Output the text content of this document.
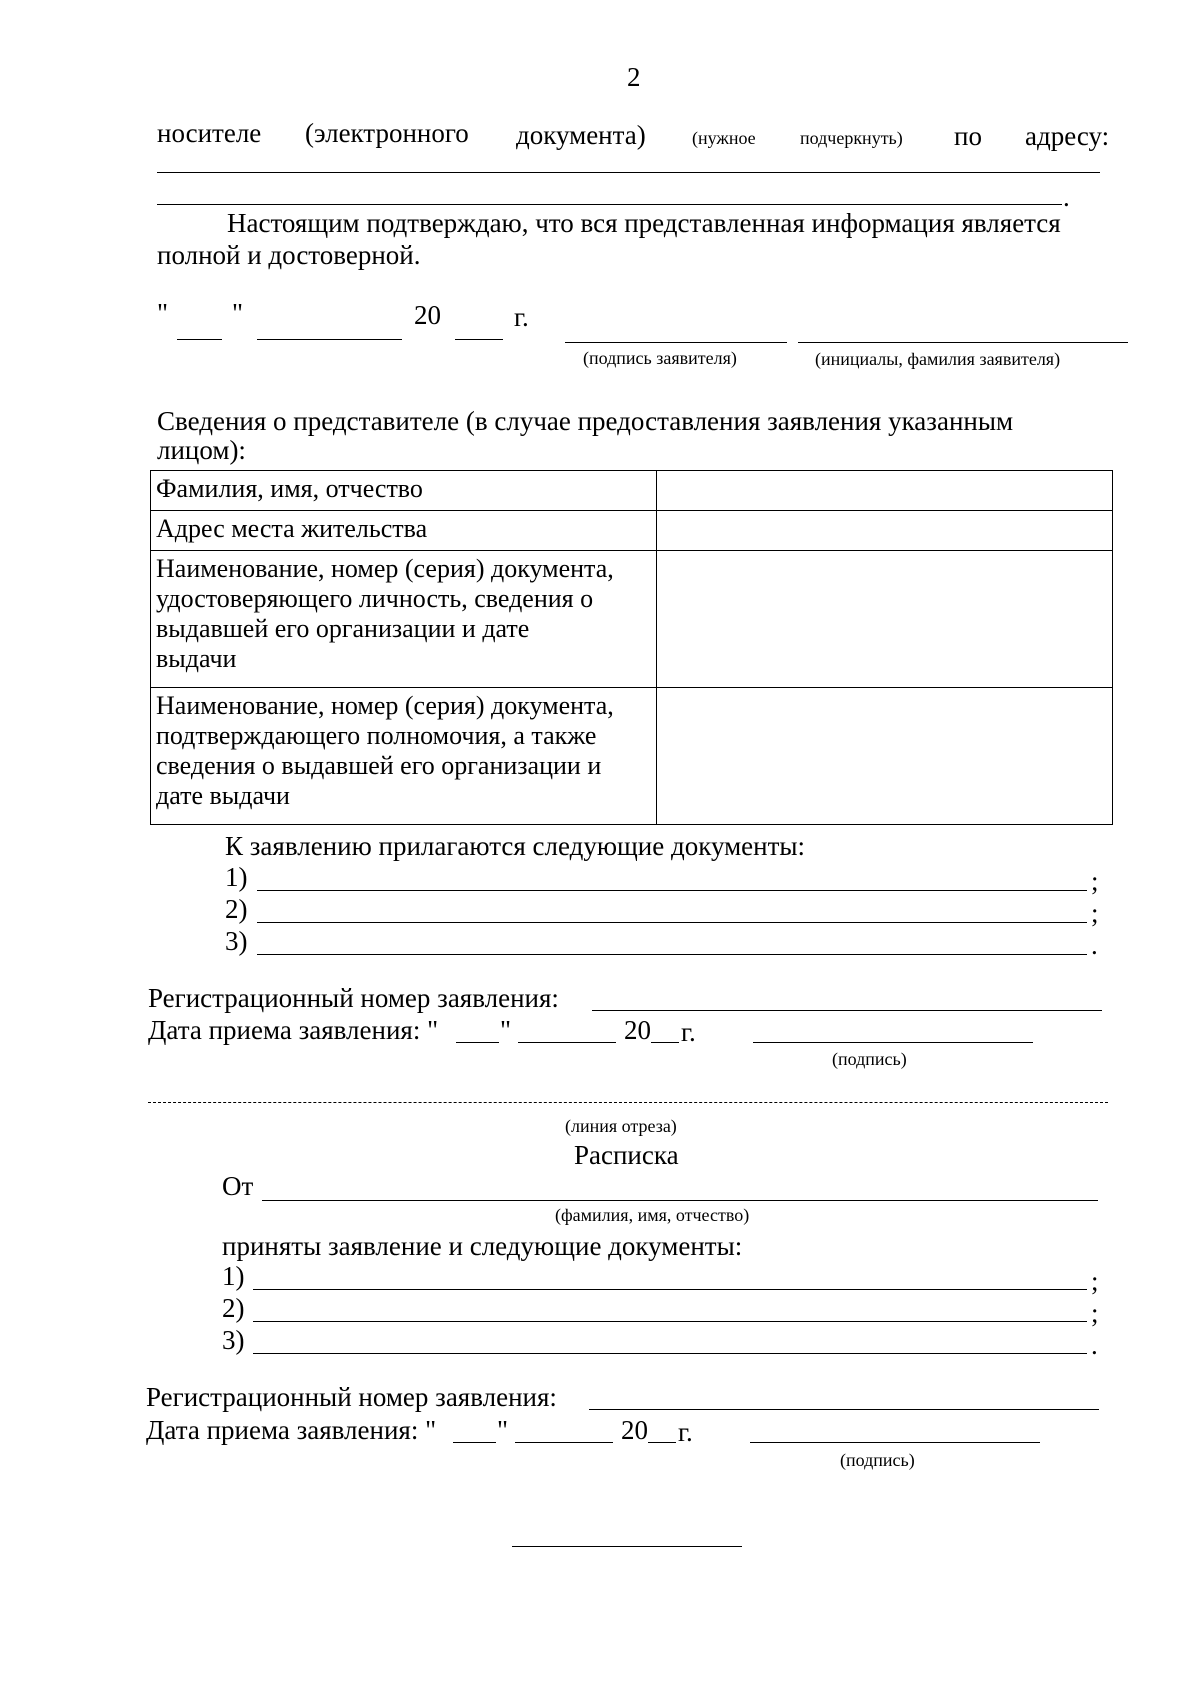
2
носителе (электронного документа)	(нужное подчеркнуть) по адресу:
.
Настоящим подтверждаю, что вся представленная информация является
полной и достоверной.
" "	20	г.
(подпись заявителя)	(инициалы, фамилия заявителя)
Сведения о представителе (в случае предоставления заявления указанным
лицом):
Фамилия, имя, отчество	
Адрес места жительства	
Наименование, номер (серия) документа,
удостоверяющего личность, сведения о
выдавшей его организации и дате
выдачи	
Наименование, номер (серия) документа,
подтверждающего полномочия, а также
сведения о выдавшей его организации и
дате выдачи	
К заявлению прилагаются следующие документы:
1)	;
2)	;
3)	.
Регистрационный номер заявления:
Дата приема заявления: " "	20 г.
(подпись)
(линия отреза)
Расписка
От
(фамилия, имя, отчество)
приняты заявление и следующие документы:
1)	;
2)	;
3)	.
Регистрационный номер заявления:
Дата приема заявления: " "	20 г.
(подпись)
